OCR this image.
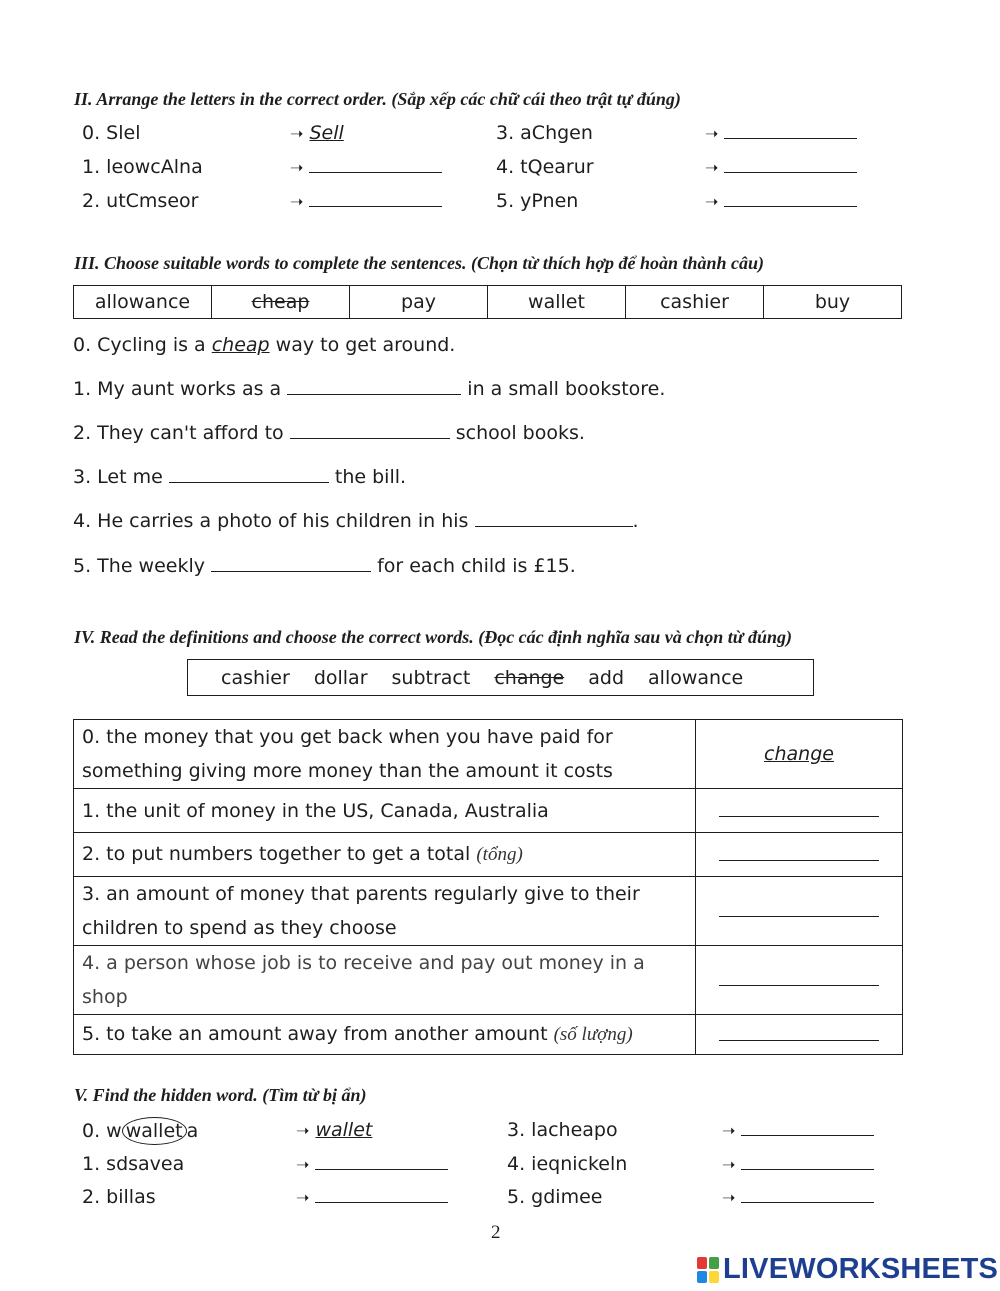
II. Arrange the letters in the correct order. (Sắp xếp các chữ cái theo trật tự đúng)
0. Slel	➝ Sell
1. leowcAlna	➝
2. utCmseor	➝
3. aChgen	➝
4. tQearur	➝
5. yPnen	➝
III. Choose suitable words to complete the sentences. (Chọn từ thích hợp để hoàn thành câu)
allowance	cheap	pay	wallet	cashier	buy
0. Cycling is a cheap way to get around.
1. My aunt works as a	in a small bookstore.
2. They can't afford to	school books.
3. Let me	the bill.
4. He carries a photo of his children in his	.
5. The weekly	for each child is £15.
IV. Read the definitions and choose the correct words. (Đọc các định nghĩa sau và chọn từ đúng)
cashier dollar subtract change add allowance
0. the money that you get back when you have paid for
something giving more money than the amount it costs	change
1. the unit of money in the US, Canada, Australia	
2. to put numbers together to get a total (tổng)	

3. an amount of money that parents regularly give to their
children to spend as they choose	

4. a person whose job is to receive and pay out money in a
shop	

5. to take an amount away from another amount (số lượng)	
V. Find the hidden word. (Tìm từ bị ẩn)
0. w wallet a	➝ wallet
1. sdsavea	➝
2. billas	➝
3. lacheapo	➝
4. ieqnickeln	➝
5. gdimee	➝
2
LIVEWORKSHEETS
